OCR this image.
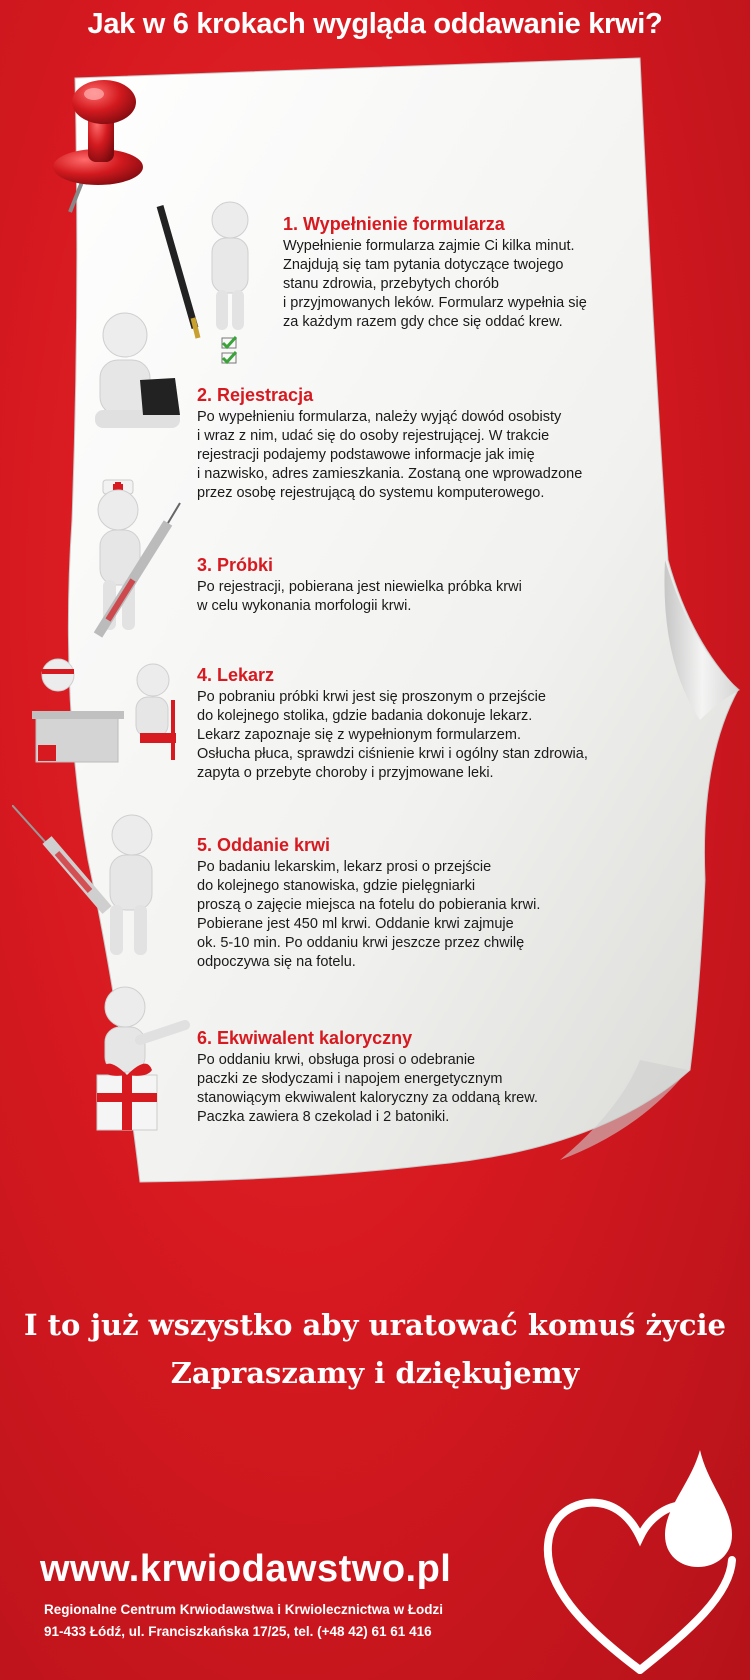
Jak w 6 krokach wygląda oddawanie krwi?
1. Wypełnienie formularza
Wypełnienie formularza zajmie Ci kilka minut.
Znajdują się tam pytania dotyczące twojego
stanu zdrowia, przebytych chorób
i przyjmowanych leków. Formularz wypełnia się
za każdym razem gdy chce się oddać krew.
2. Rejestracja
Po wypełnieniu formularza, należy wyjąć dowód osobisty
i wraz z nim, udać się do osoby rejestrującej. W trakcie
rejestracji podajemy podstawowe informacje jak imię
i nazwisko, adres zamieszkania. Zostaną one wprowadzone
przez osobę rejestrującą do systemu komputerowego.
3. Próbki
Po rejestracji, pobierana jest niewielka próbka krwi
w celu wykonania morfologii krwi.
4. Lekarz
Po pobraniu próbki krwi jest się proszonym o przejście
do kolejnego stolika, gdzie badania dokonuje lekarz.
Lekarz zapoznaje się z wypełnionym formularzem.
Osłucha płuca, sprawdzi ciśnienie krwi i ogólny stan zdrowia,
zapyta o przebyte choroby i przyjmowane leki.
5. Oddanie krwi
Po badaniu lekarskim, lekarz prosi o przejście
do kolejnego stanowiska, gdzie pielęgniarki
proszą o zajęcie miejsca na fotelu do pobierania krwi.
Pobierane jest 450 ml krwi. Oddanie krwi zajmuje
ok. 5-10 min. Po oddaniu krwi jeszcze przez chwilę
odpoczywa się na fotelu.
6. Ekwiwalent kaloryczny
Po oddaniu krwi, obsługa prosi o odebranie
paczki ze słodyczami i napojem energetycznym
stanowiącym ekwiwalent kaloryczny za oddaną krew.
Paczka zawiera 8 czekolad i 2 batoniki.
I to już wszystko aby uratować komuś życie
Zapraszamy i dziękujemy
www.krwiodawstwo.pl
Regionalne Centrum Krwiodawstwa i Krwiolecznictwa w Łodzi
91-433 Łódź, ul. Franciszkańska 17/25, tel. (+48 42) 61 61 416
